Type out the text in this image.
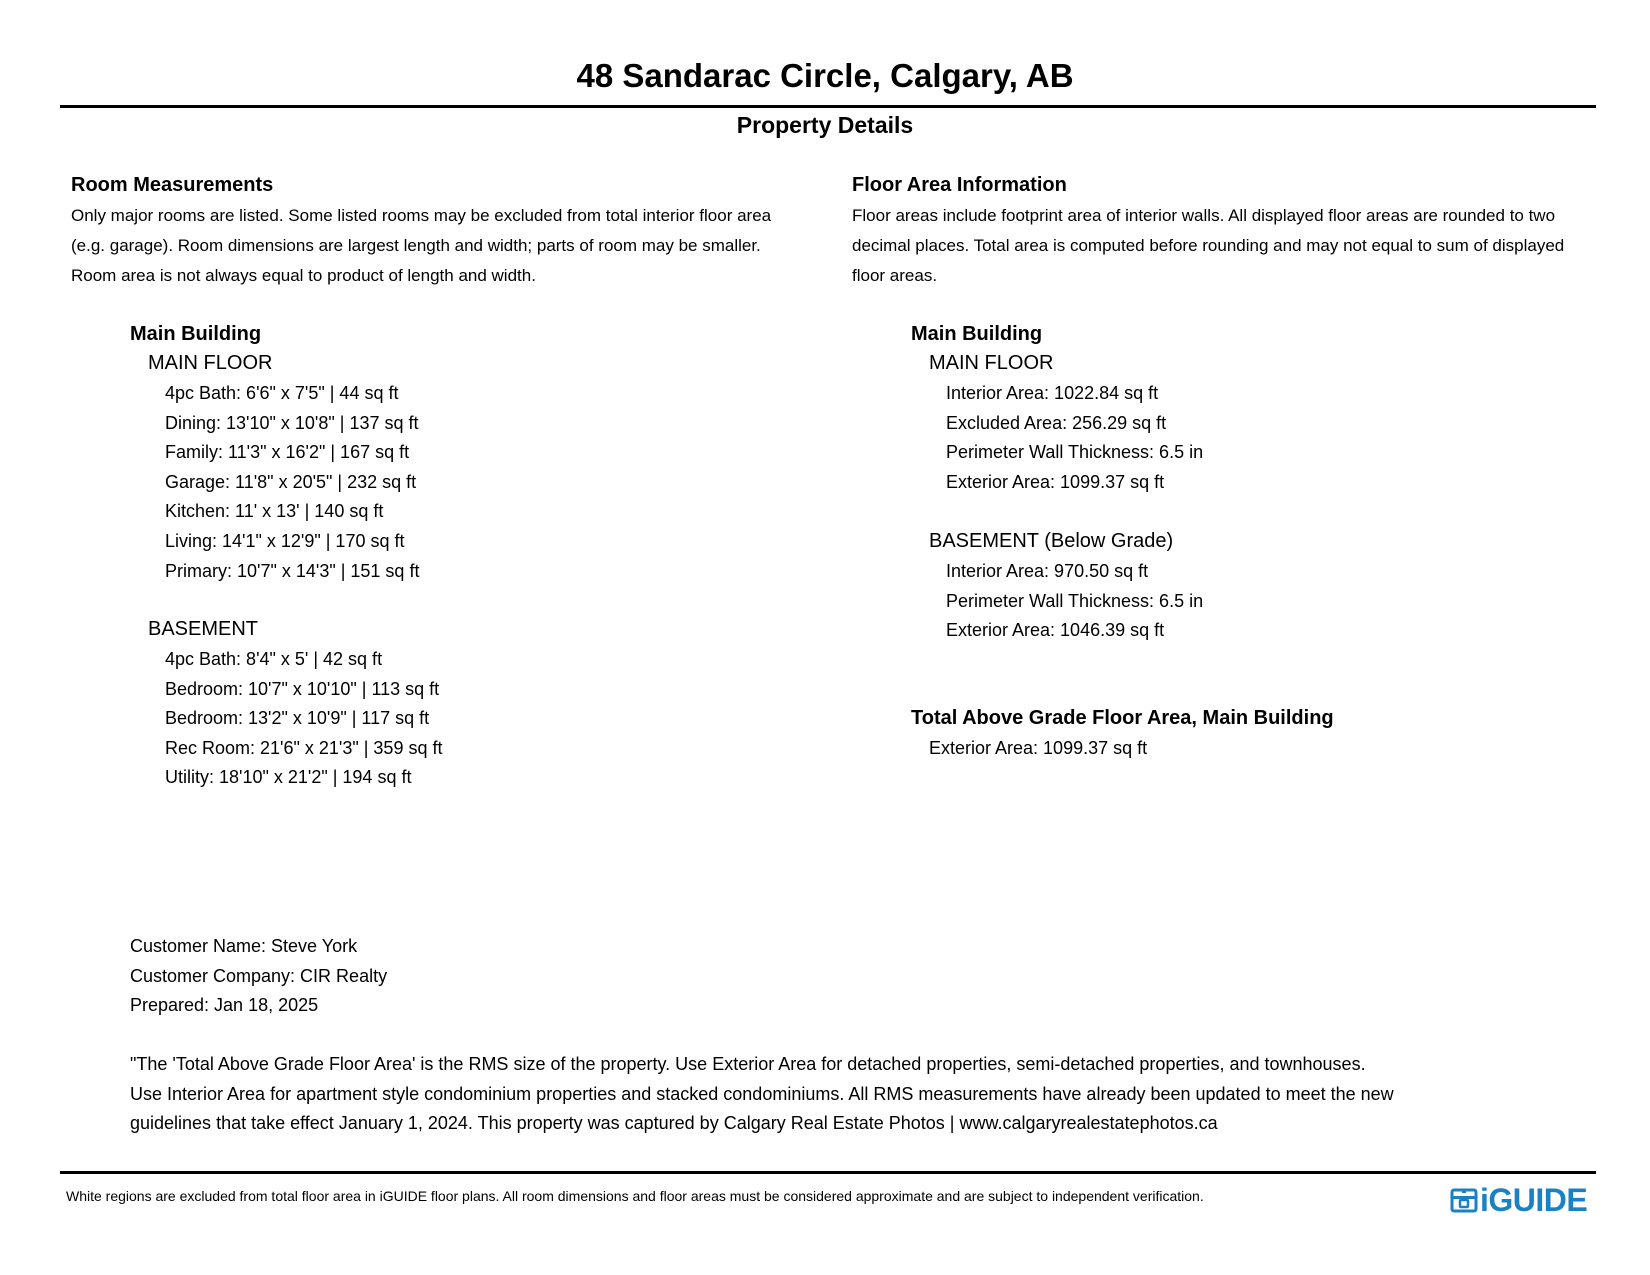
48 Sandarac Circle, Calgary, AB
Property Details
Room Measurements
Only major rooms are listed. Some listed rooms may be excluded from total interior floor area
(e.g. garage). Room dimensions are largest length and width; parts of room may be smaller.
Room area is not always equal to product of length and width.
Main Building
MAIN FLOOR
4pc Bath: 6'6" x 7'5" | 44 sq ft
Dining: 13'10" x 10'8" | 137 sq ft
Family: 11'3" x 16'2" | 167 sq ft
Garage: 11'8" x 20'5" | 232 sq ft
Kitchen: 11' x 13' | 140 sq ft
Living: 14'1" x 12'9" | 170 sq ft
Primary: 10'7" x 14'3" | 151 sq ft
BASEMENT
4pc Bath: 8'4" x 5' | 42 sq ft
Bedroom: 10'7" x 10'10" | 113 sq ft
Bedroom: 13'2" x 10'9" | 117 sq ft
Rec Room: 21'6" x 21'3" | 359 sq ft
Utility: 18'10" x 21'2" | 194 sq ft
Floor Area Information
Floor areas include footprint area of interior walls. All displayed floor areas are rounded to two
decimal places. Total area is computed before rounding and may not equal to sum of displayed
floor areas.
Main Building
MAIN FLOOR
Interior Area: 1022.84 sq ft
Excluded Area: 256.29 sq ft
Perimeter Wall Thickness: 6.5 in
Exterior Area: 1099.37 sq ft
BASEMENT (Below Grade)
Interior Area: 970.50 sq ft
Perimeter Wall Thickness: 6.5 in
Exterior Area: 1046.39 sq ft
Total Above Grade Floor Area, Main Building
Exterior Area: 1099.37 sq ft
Customer Name: Steve York
Customer Company: CIR Realty
Prepared: Jan 18, 2025
"The 'Total Above Grade Floor Area' is the RMS size of the property. Use Exterior Area for detached properties, semi-detached properties, and townhouses.
Use Interior Area for apartment style condominium properties and stacked condominiums. All RMS measurements have already been updated to meet the new
guidelines that take effect January 1, 2024. This property was captured by Calgary Real Estate Photos | www.calgaryrealestatephotos.ca
White regions are excluded from total floor area in iGUIDE floor plans. All room dimensions and floor areas must be considered approximate and are subject to independent verification.	iGUIDE
